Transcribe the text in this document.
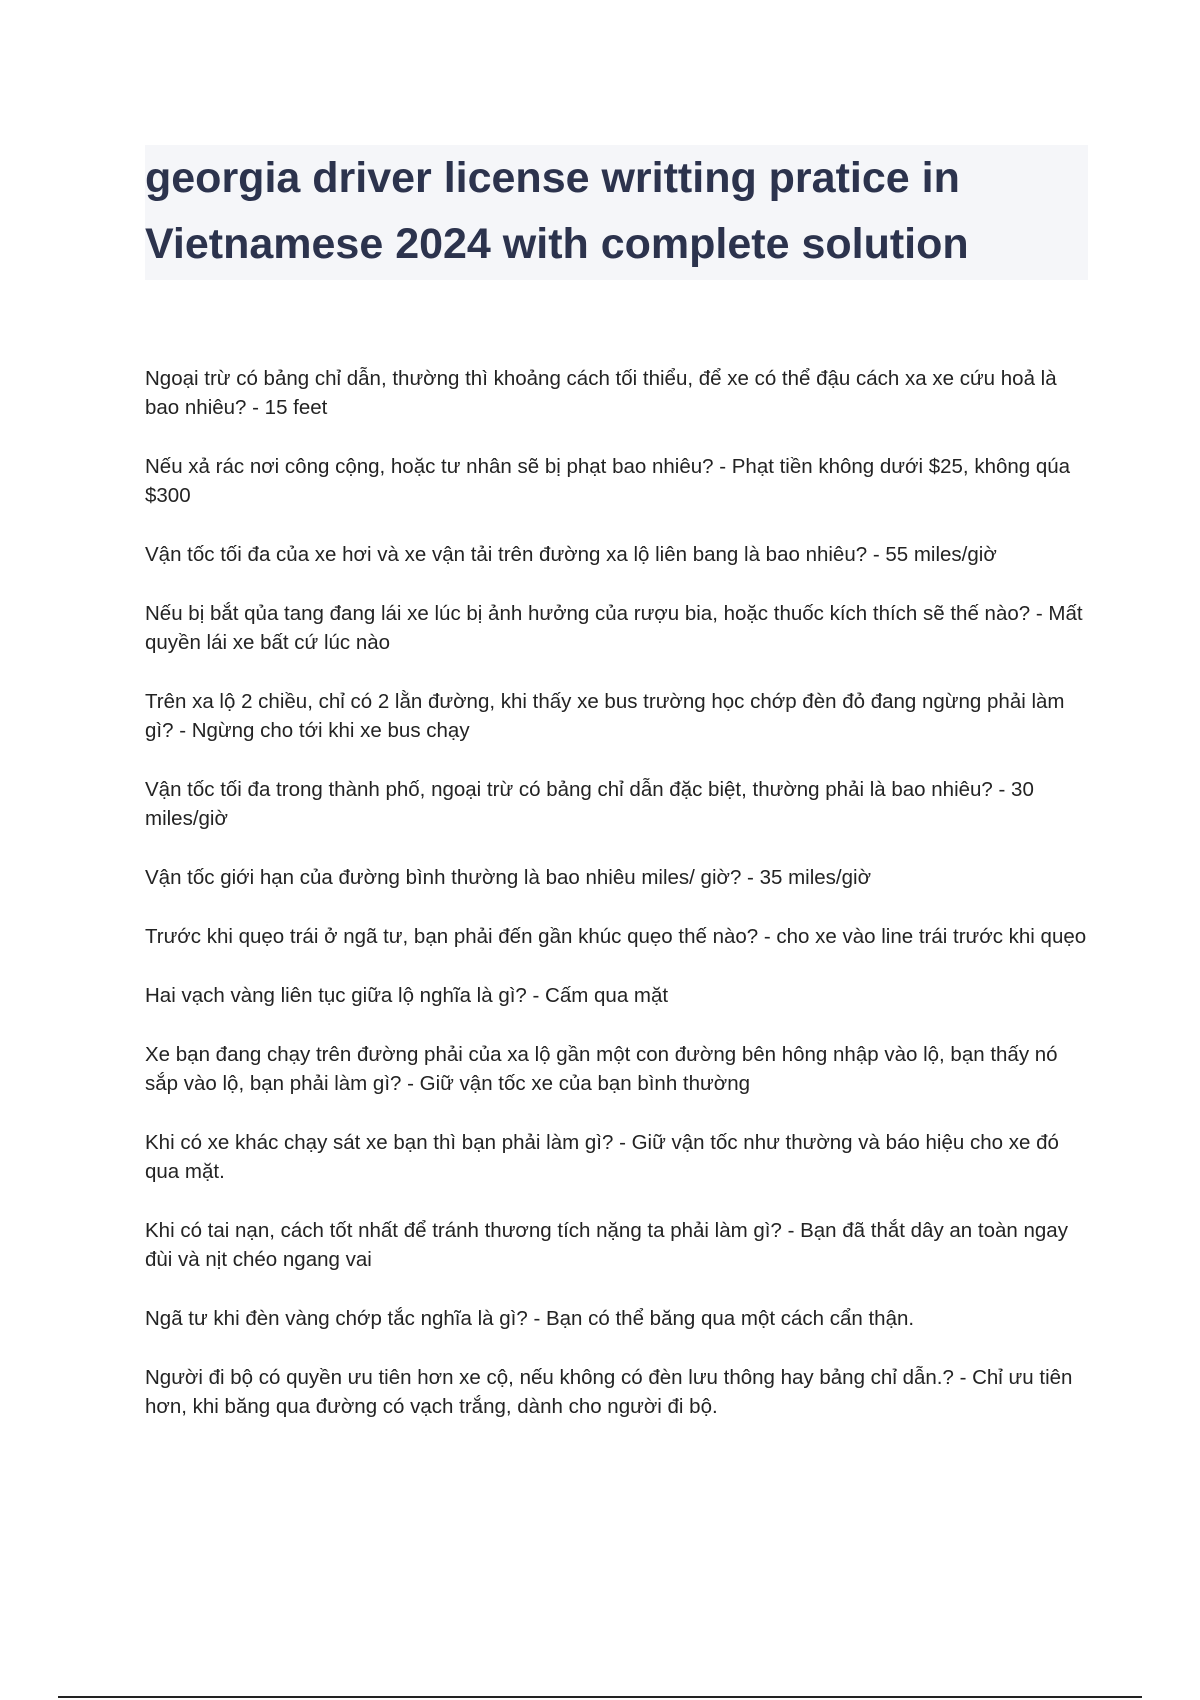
georgia driver license writting pratice in Vietnamese 2024 with complete solution
Ngoại trừ có bảng chỉ dẫn, thường thì khoảng cách tối thiểu, để xe có thể đậu cách xa xe cứu hoả là bao nhiêu? - 15 feet
Nếu xả rác nơi công cộng, hoặc tư nhân sẽ bị phạt bao nhiêu? - Phạt tiền không dưới $25, không qúa $300
Vận tốc tối đa của xe hơi và xe vận tải trên đường xa lộ liên bang là bao nhiêu? - 55 miles/giờ
Nếu bị bắt qủa tang đang lái xe lúc bị ảnh hưởng của rượu bia, hoặc thuốc kích thích sẽ thế nào? - Mất quyền lái xe bất cứ lúc nào
Trên xa lộ 2 chiều, chỉ có 2 lằn đường, khi thấy xe bus trường học chớp đèn đỏ đang ngừng phải làm gì? - Ngừng cho tới khi xe bus chạy
Vận tốc tối đa trong thành phố, ngoại trừ có bảng chỉ dẫn đặc biệt, thường phải là bao nhiêu? - 30 miles/giờ
Vận tốc giới hạn của đường bình thường là bao nhiêu miles/ giờ? - 35 miles/giờ
Trước khi quẹo trái ở ngã tư, bạn phải đến gần khúc quẹo thế nào? - cho xe vào line trái trước khi quẹo
Hai vạch vàng liên tục giữa lộ nghĩa là gì? - Cấm qua mặt
Xe bạn đang chạy trên đường phải của xa lộ gần một con đường bên hông nhập vào lộ, bạn thấy nó sắp vào lộ, bạn phải làm gì? - Giữ vận tốc xe của bạn bình thường
Khi có xe khác chạy sát xe bạn thì bạn phải làm gì? - Giữ vận tốc như thường và báo hiệu cho xe đó qua mặt.
Khi có tai nạn, cách tốt nhất để tránh thương tích nặng ta phải làm gì? - Bạn đã thắt dây an toàn ngay đùi và nịt chéo ngang vai
Ngã tư khi đèn vàng chớp tắc nghĩa là gì? - Bạn có thể băng qua một cách cẩn thận.
Người đi bộ có quyền ưu tiên hơn xe cộ, nếu không có đèn lưu thông hay bảng chỉ dẫn.? - Chỉ ưu tiên hơn, khi băng qua đường có vạch trắng, dành cho người đi bộ.
